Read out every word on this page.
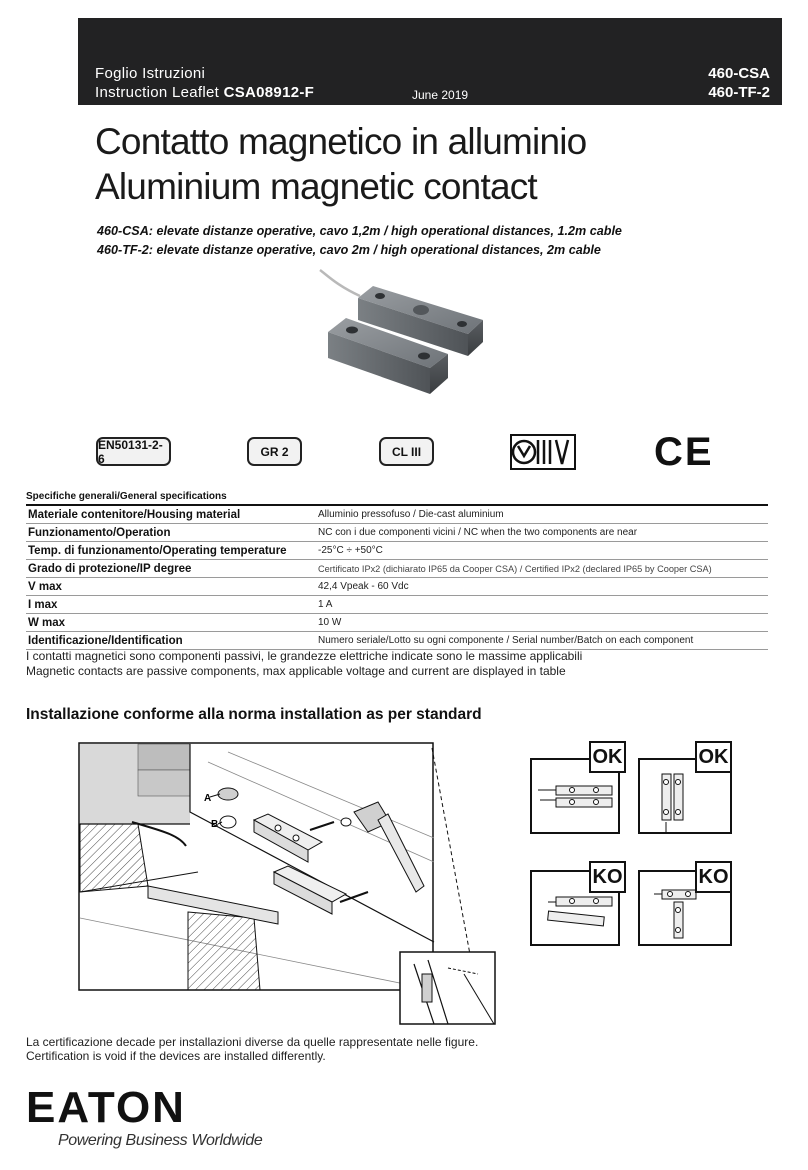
Foglio Istruzioni
Instruction Leaflet CSA08912-F	June 2019
460-CSA
460-TF-2
Contatto magnetico in alluminio
Aluminium magnetic contact
460-CSA: elevate distanze operative, cavo 1,2m / high operational distances, 1.2m cable
460-TF-2: elevate distanze operative, cavo 2m / high operational distances, 2m cable
EN50131-2-6	GR 2	CL III	CE
Specifiche generali/General specifications
Materiale contenitore/Housing material	Alluminio pressofuso / Die-cast aluminium
Funzionamento/Operation	NC con i due componenti vicini / NC when the two components are near
Temp. di funzionamento/Operating temperature	-25°C ÷ +50°C
Grado di protezione/IP degree	Certificato IPx2 (dichiarato IP65 da Cooper CSA) / Certified IPx2 (declared IP65 by Cooper CSA)
V max	42,4 Vpeak - 60 Vdc
I max	1 A
W max	10 W
Identificazione/Identification	Numero seriale/Lotto su ogni componente / Serial number/Batch on each component
I contatti magnetici sono componenti passivi, le grandezze elettriche indicate sono le massime applicabili
Magnetic contacts are passive components, max applicable voltage and current are displayed in table
Installazione conforme alla norma installation as per standard
A
B
OK	OK
KO	KO
La certificazione decade per installazioni diverse da quelle rappresentate nelle figure.
Certification is void if the devices are installed differently.
EATON
Powering Business Worldwide
